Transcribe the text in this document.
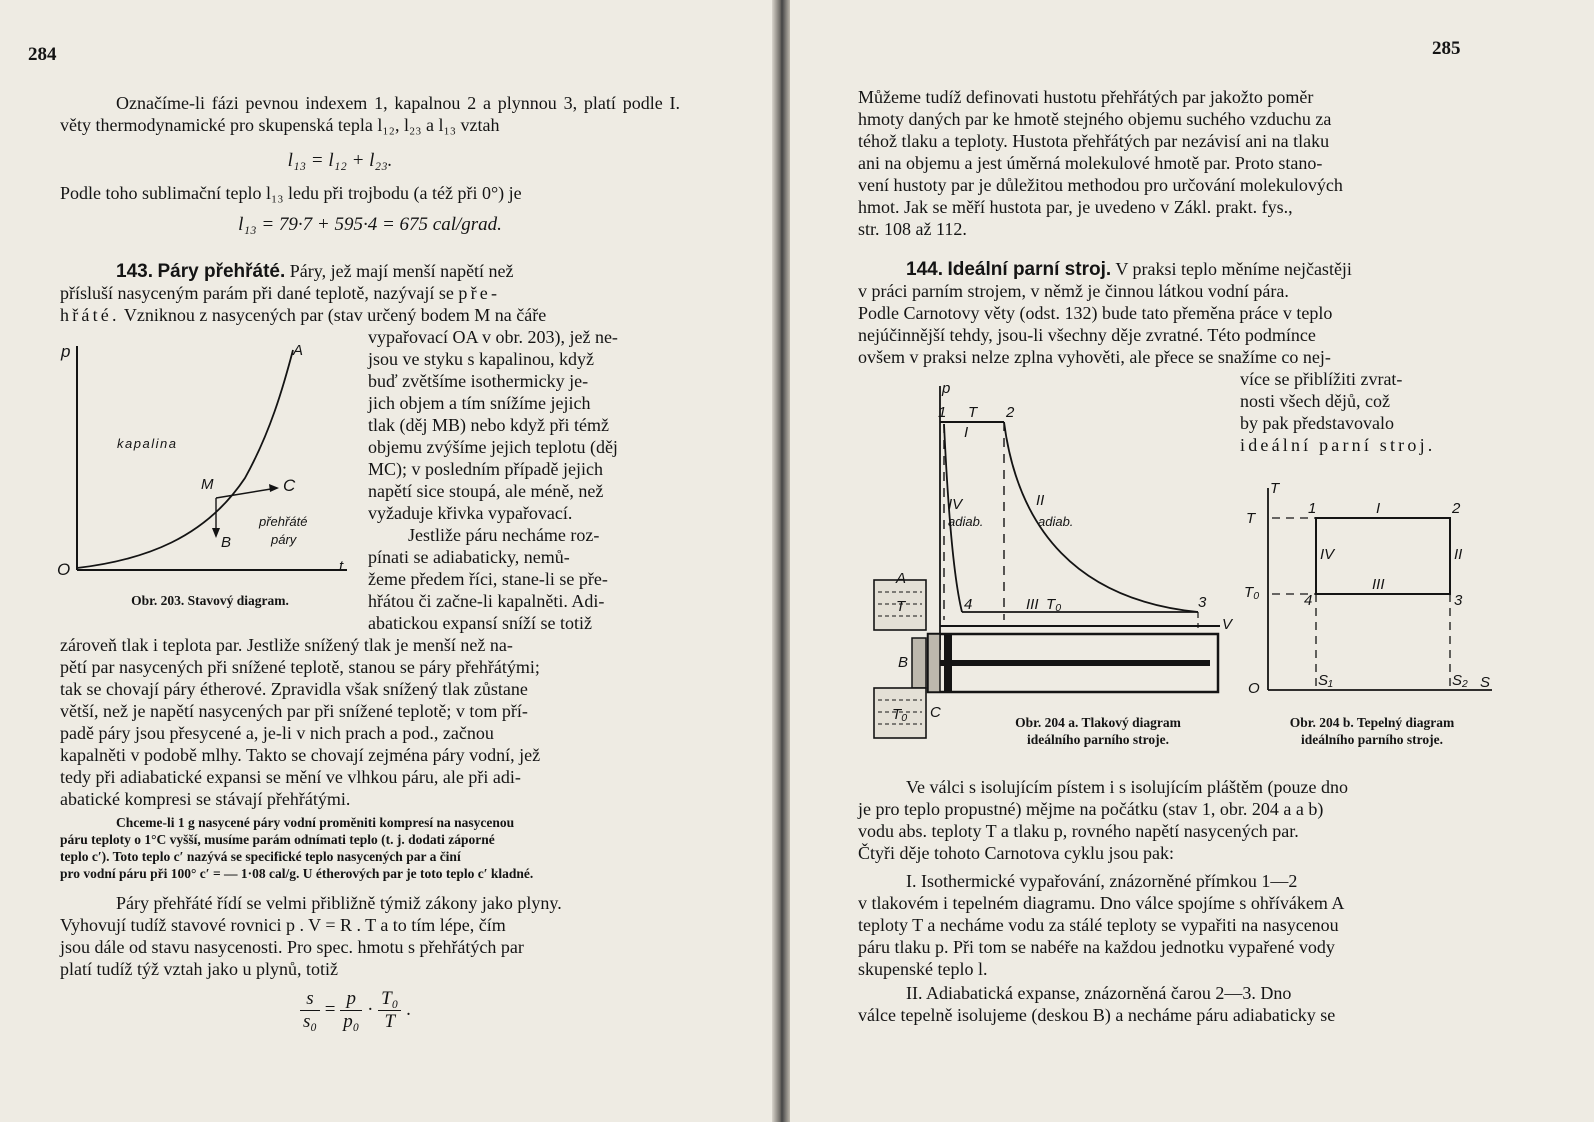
284
Označíme-li fázi pevnou indexem 1, kapalnou 2 a plynnou 3, platí podle I. věty thermodynamické pro skupenská tepla l₁₂, l₂₃ a l₁₃ vztah
l₁₃ = l₁₂ + l₂₃.
Podle toho sublimační teplo l₁₃ ledu při trojbodu (a též při 0°) je
l₁₃ = 79·7 + 595·4 = 675 cal/grad.
143. Páry přehřáté. Páry, jež mají menší napětí než
přísluší nasyceným parám při dané teplotě, nazývají se pře-
hřáté. Vzniknou z nasycených par (stav určený bodem M na čáře
vypařovací OA v obr. 203), jež ne-
jsou ve styku s kapalinou, když
buď zvětšíme isothermicky je-
jich objem a tím snížíme jejich
tlak (děj MB) nebo když při témž
objemu zvýšíme jejich teplotu (děj
MC); v posledním případě jejich
napětí sice stoupá, ale méně, než
vyžaduje křivka vypařovací.
Jestliže páru necháme roz-
pínati se adiabaticky, nemů-
žeme předem říci, stane-li se pře-
hřátou či začne-li kapalněti. Adi-
abatickou expansí sníží se totiž
p	A
kapalina
M	C
B
přehřáté
páry
O	t
Obr. 203. Stavový diagram.
zároveň tlak i teplota par. Jestliže snížený tlak je menší než na-
pětí par nasycených při snížené teplotě, stanou se páry přehřátými;
tak se chovají páry étherové. Zpravidla však snížený tlak zůstane
větší, než je napětí nasycených par při snížené teplotě; v tom pří-
padě páry jsou přesycené a, je-li v nich prach a pod., začnou
kapalněti v podobě mlhy. Takto se chovají zejména páry vodní, jež
tedy při adiabatické expansi se mění ve vlhkou páru, ale při adi-
abatické kompresi se stávají přehřátými.
Chceme-li 1 g nasycené páry vodní proměniti kompresí na nasycenou
páru teploty o 1°C vyšší, musíme parám odnímati teplo (t. j. dodati záporné
teplo c′). Toto teplo c′ nazývá se specifické teplo nasycených par a činí
pro vodní páru při 100° c′ = — 1·08 cal/g. U étherových par je toto teplo c′ kladné.
Páry přehřáté řídí se velmi přibližně týmiž zákony jako plyny.
Vyhovují tudíž stavové rovnici p . V = R . T a to tím lépe, čím
jsou dále od stavu nasycenosti. Pro spec. hmotu s přehřátých par
platí tudíž týž vztah jako u plynů, totiž
$\frac{s}{\text{s₀}} = \frac{p}{\text{p₀}} \cdot \frac{\text{T₀}}{T}$ .
285
Můžeme tudíž definovati hustotu přehřátých par jakožto poměr
hmoty daných par ke hmotě stejného objemu suchého vzduchu za
téhož tlaku a teploty. Hustota přehřátých par nezávisí ani na tlaku
ani na objemu a jest úměrná molekulové hmotě par. Proto stano-
vení hustoty par je důležitou methodou pro určování molekulových
hmot. Jak se měří hustota par, je uvedeno v Zákl. prakt. fys.,
str. 108 až 112.
144. Ideální parní stroj. V praksi teplo měníme nejčastěji
v práci parním strojem, v němž je činnou látkou vodní pára.
Podle Carnotovy věty (odst. 132) bude tato přeměna práce v teplo
nejúčinnější tehdy, jsou-li všechny děje zvratné. Této podmínce
ovšem v praksi nelze zplna vyhověti, ale přece se snažíme co nej-
více se přiblížiti zvrat-
nosti všech dějů, což
by pak představovalo
ideální parní stroj.
p
1 T 2
I
IV
adiab.
II
adiab.
A
T	4	III T₀	3
V
B
C
T₀	Obr. 204 a. Tlakový diagram
ideálního parního stroje.
T
1	I	2
T
IV	II
III
T₀	4	3
O	S₁	S₂ S
Obr. 204 b. Tepelný diagram
ideálního parního stroje.
Ve válci s isolujícím pístem i s isolujícím pláštěm (pouze dno
je pro teplo propustné) mějme na počátku (stav 1, obr. 204 a a b)
vodu abs. teploty T a tlaku p, rovného napětí nasycených par.
Čtyři děje tohoto Carnotova cyklu jsou pak:
I. Isothermické vypařování, znázorněné přímkou 1—2
v tlakovém i tepelném diagramu. Dno válce spojíme s ohřívákem A
teploty T a necháme vodu za stálé teploty se vypařiti na nasycenou
páru tlaku p. Při tom se nabéře na každou jednotku vypařené vody
skupenské teplo l.
II. Adiabatická expanse, znázorněná čarou 2—3. Dno
válce tepelně isolujeme (deskou B) a necháme páru adiabaticky se
